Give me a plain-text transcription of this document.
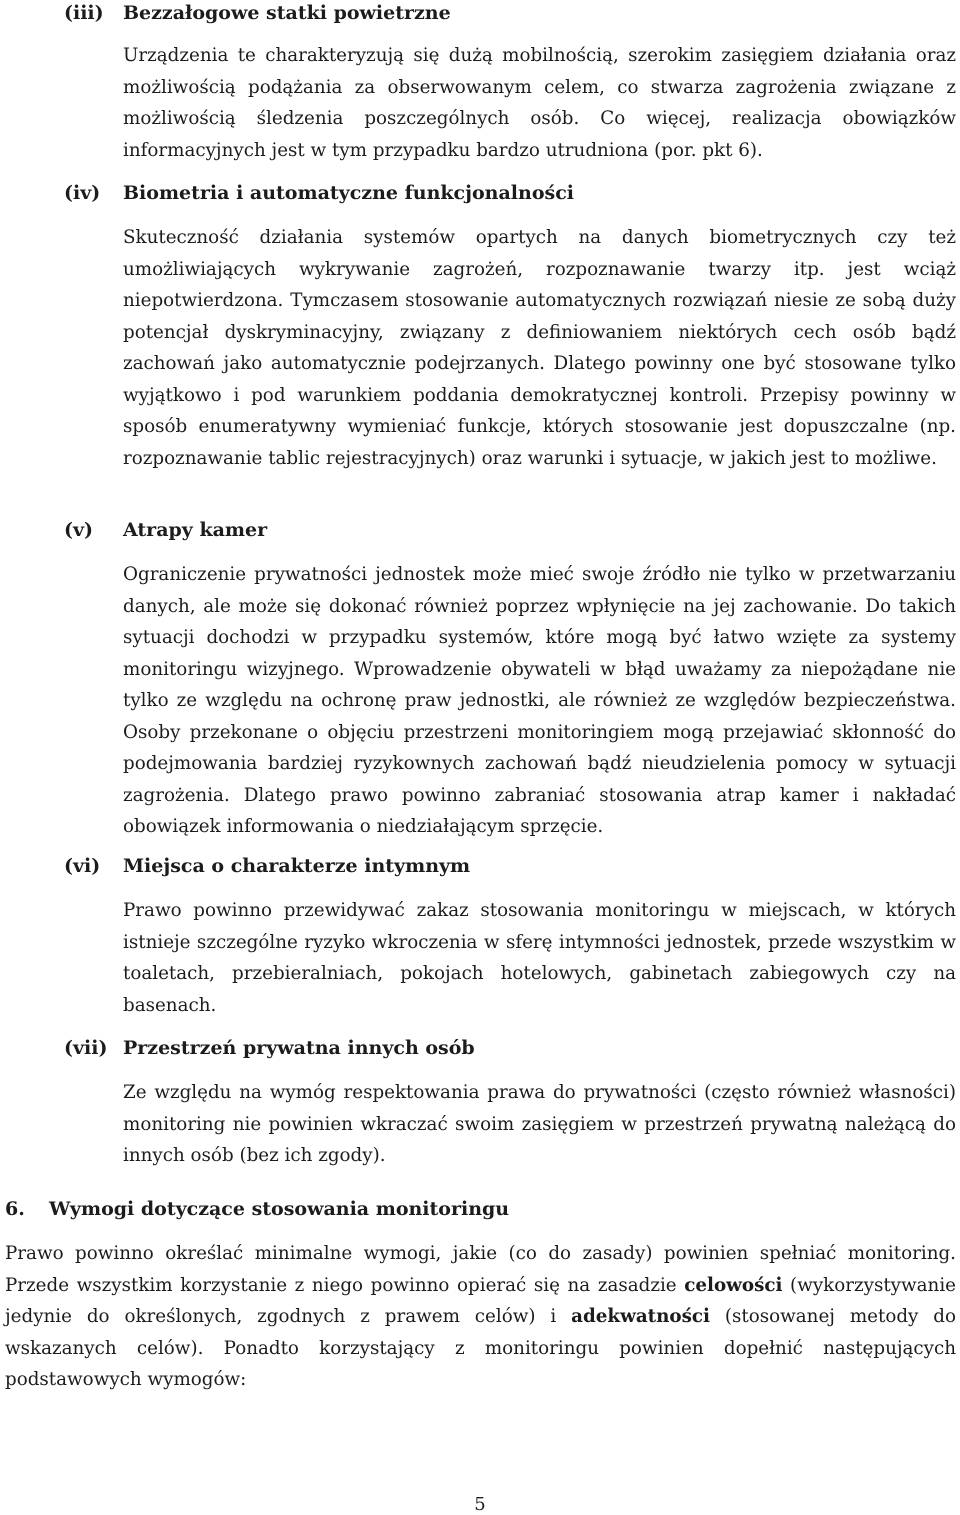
(iii)	Bezzałogowe statki powietrzne
Urządzenia te charakteryzują się dużą mobilnością, szerokim zasięgiem działania oraz możliwością podążania za obserwowanym celem, co stwarza zagrożenia związane z możliwością śledzenia poszczególnych osób. Co więcej, realizacja obowiązków informacyjnych jest w tym przypadku bardzo utrudniona (por. pkt 6).
(iv)	Biometria i automatyczne funkcjonalności
Skuteczność działania systemów opartych na danych biometrycznych czy też umożliwiających wykrywanie zagrożeń, rozpoznawanie twarzy itp. jest wciąż niepotwierdzona. Tymczasem stosowanie automatycznych rozwiązań niesie ze sobą duży potencjał dyskryminacyjny, związany z definiowaniem niektórych cech osób bądź zachowań jako automatycznie podejrzanych. Dlatego powinny one być stosowane tylko wyjątkowo i pod warunkiem poddania demokratycznej kontroli. Przepisy powinny w sposób enumeratywny wymieniać funkcje, których stosowanie jest dopuszczalne (np. rozpoznawanie tablic rejestracyjnych) oraz warunki i sytuacje, w jakich jest to możliwe.
(v)	Atrapy kamer
Ograniczenie prywatności jednostek może mieć swoje źródło nie tylko w przetwarzaniu danych, ale może się dokonać również poprzez wpłynięcie na jej zachowanie. Do takich sytuacji dochodzi w przypadku systemów, które mogą być łatwo wzięte za systemy monitoringu wizyjnego. Wprowadzenie obywateli w błąd uważamy za niepożądane nie tylko ze względu na ochronę praw jednostki, ale również ze względów bezpieczeństwa. Osoby przekonane o objęciu przestrzeni monitoringiem mogą przejawiać skłonność do podejmowania bardziej ryzykownych zachowań bądź nieudzielenia pomocy w sytuacji zagrożenia. Dlatego prawo powinno zabraniać stosowania atrap kamer i nakładać obowiązek informowania o niedziałającym sprzęcie.
(vi)	Miejsca o charakterze intymnym
Prawo powinno przewidywać zakaz stosowania monitoringu w miejscach, w których istnieje szczególne ryzyko wkroczenia w sferę intymności jednostek, przede wszystkim w toaletach, przebieralniach, pokojach hotelowych, gabinetach zabiegowych czy na basenach.
(vii) Przestrzeń prywatna innych osób
Ze względu na wymóg respektowania prawa do prywatności (często również własności) monitoring nie powinien wkraczać swoim zasięgiem w przestrzeń prywatną należącą do innych osób (bez ich zgody).
6. Wymogi dotyczące stosowania monitoringu
Prawo powinno określać minimalne wymogi, jakie (co do zasady) powinien spełniać monitoring. Przede wszystkim korzystanie z niego powinno opierać się na zasadzie celowości (wykorzystywanie jedynie do określonych, zgodnych z prawem celów) i adekwatności (stosowanej metody do wskazanych celów). Ponadto korzystający z monitoringu powinien dopełnić następujących podstawowych wymogów:
5
